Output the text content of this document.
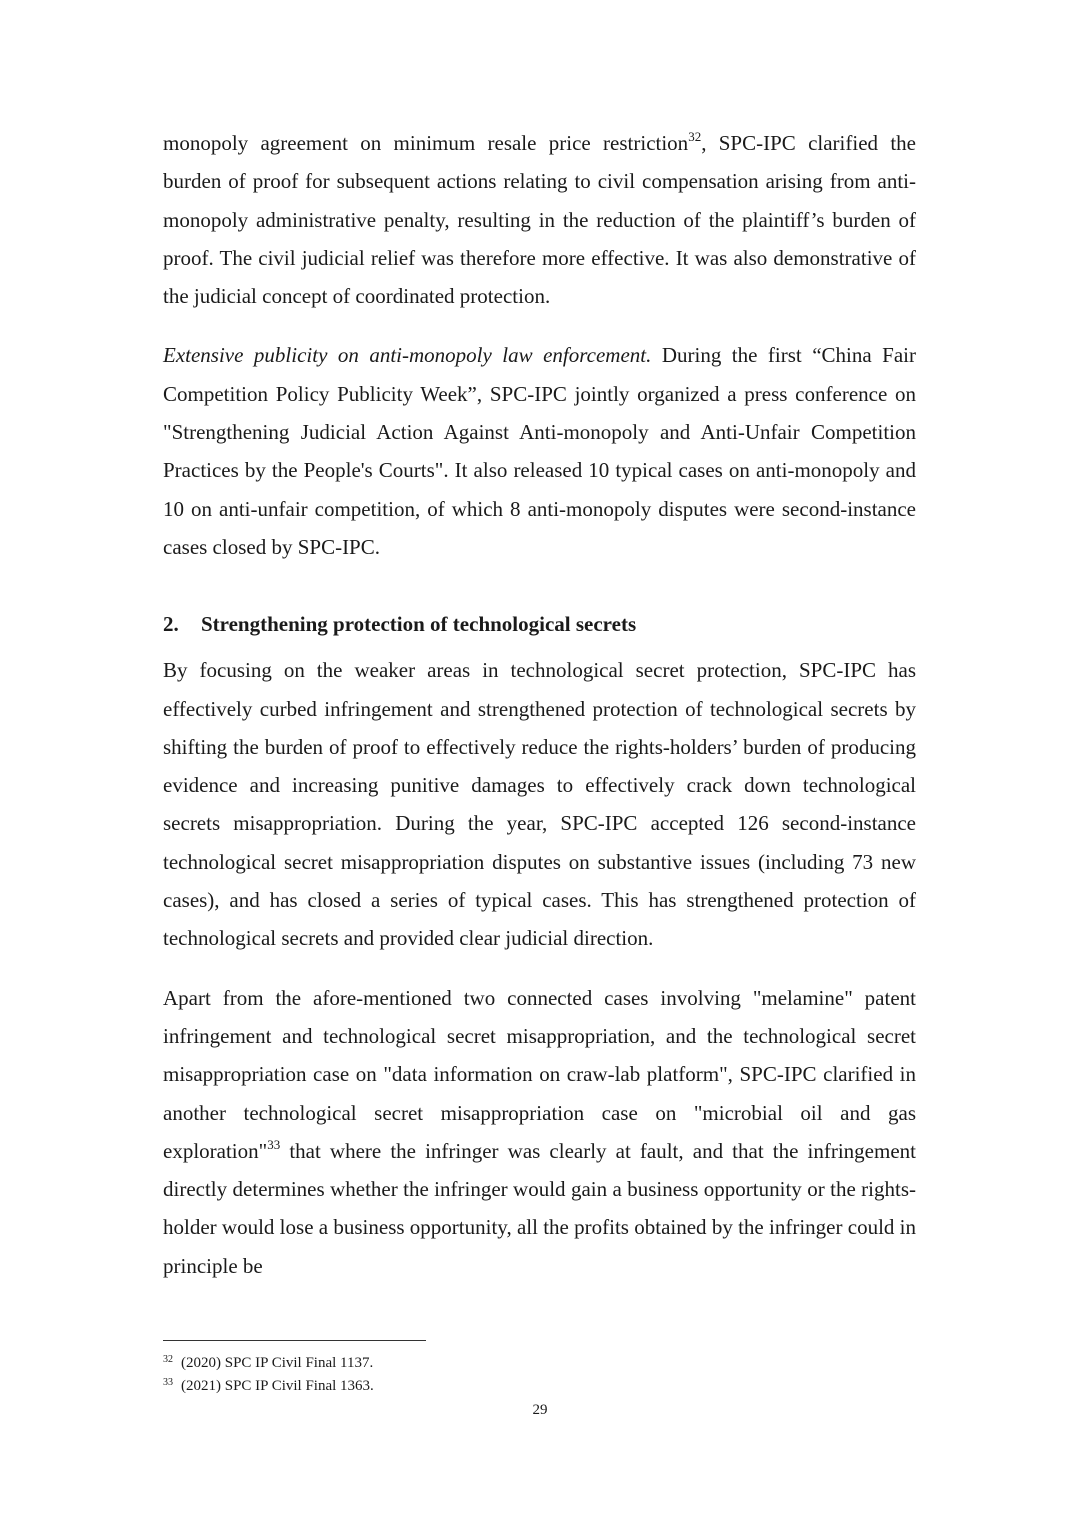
monopoly agreement on minimum resale price restriction$^{32}$, SPC-IPC clarified the burden of proof for subsequent actions relating to civil compensation arising from anti-monopoly administrative penalty, resulting in the reduction of the plaintiff’s burden of proof. The civil judicial relief was therefore more effective. It was also demonstrative of the judicial concept of coordinated protection.

Extensive publicity on anti-monopoly law enforcement. During the first “China Fair Competition Policy Publicity Week”, SPC-IPC jointly organized a press conference on "Strengthening Judicial Action Against Anti-monopoly and Anti-Unfair Competition Practices by the People's Courts". It also released 10 typical cases on anti-monopoly and 10 on anti-unfair competition, of which 8 anti-monopoly disputes were second-instance cases closed by SPC-IPC.

2. Strengthening protection of technological secrets

By focusing on the weaker areas in technological secret protection, SPC-IPC has effectively curbed infringement and strengthened protection of technological secrets by shifting the burden of proof to effectively reduce the rights-holders’ burden of producing evidence and increasing punitive damages to effectively crack down technological secrets misappropriation. During the year, SPC-IPC accepted 126 second-instance technological secret misappropriation disputes on substantive issues (including 73 new cases), and has closed a series of typical cases. This has strengthened protection of technological secrets and provided clear judicial direction.

Apart from the afore-mentioned two connected cases involving "melamine" patent infringement and technological secret misappropriation, and the technological secret misappropriation case on "data information on craw-lab platform", SPC-IPC clarified in another technological secret misappropriation case on "microbial oil and gas exploration"$^{33}$ that where the infringer was clearly at fault, and that the infringement directly determines whether the infringer would gain a business opportunity or the rights-holder would lose a business opportunity, all the profits obtained by the infringer could in principle be

$^{32}$ (2020) SPC IP Civil Final 1137.
$^{33}$ (2021) SPC IP Civil Final 1363.
29
